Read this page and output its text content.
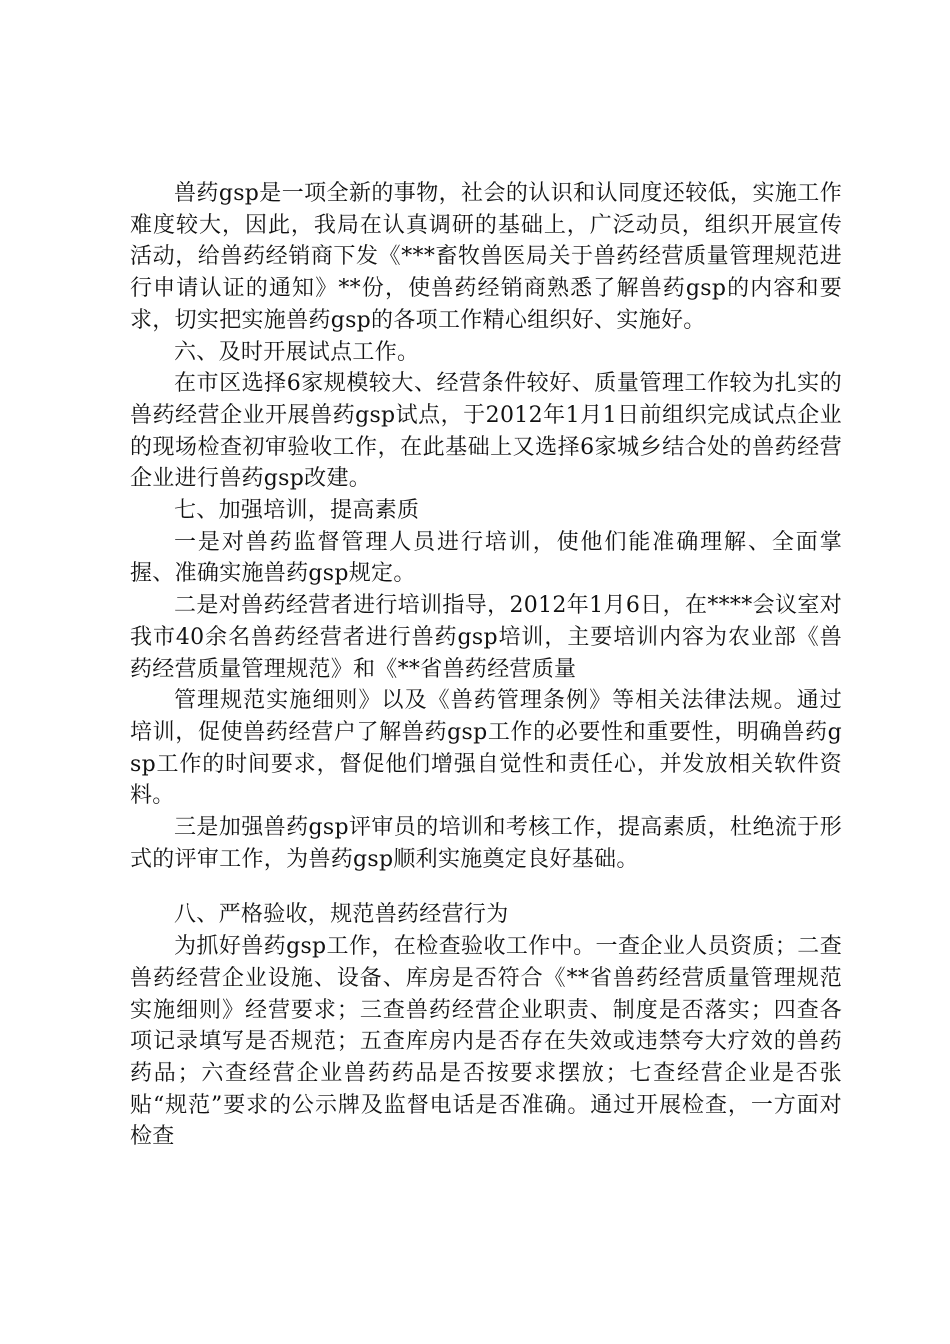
兽药gsp是一项全新的事物，社会的认识和认同度还较低，实施工作难度较大，因此，我局在认真调研的基础上，广泛动员，组织开展宣传活动，给兽药经销商下发《***畜牧兽医局关于兽药经营质量管理规范进行申请认证的通知》**份，使兽药经销商熟悉了解兽药gsp的内容和要求，切实把实施兽药gsp的各项工作精心组织好、实施好。

六、及时开展试点工作。

在市区选择6家规模较大、经营条件较好、质量管理工作较为扎实的兽药经营企业开展兽药gsp试点，于2012年1月1日前组织完成试点企业的现场检查初审验收工作，在此基础上又选择6家城乡结合处的兽药经营企业进行兽药gsp改建。

七、加强培训，提高素质

一是对兽药监督管理人员进行培训，使他们能准确理解、全面掌握、准确实施兽药gsp规定。

二是对兽药经营者进行培训指导，2012年1月6日，在****会议室对我市40余名兽药经营者进行兽药gsp培训，主要培训内容为农业部《兽药经营质量管理规范》和《**省兽药经营质量

管理规范实施细则》以及《兽药管理条例》等相关法律法规。通过培训，促使兽药经营户了解兽药gsp工作的必要性和重要性，明确兽药gsp工作的时间要求，督促他们增强自觉性和责任心，并发放相关软件资料。

三是加强兽药gsp评审员的培训和考核工作，提高素质，杜绝流于形式的评审工作，为兽药gsp顺利实施奠定良好基础。

八、严格验收，规范兽药经营行为

为抓好兽药gsp工作，在检查验收工作中。一查企业人员资质；二查兽药经营企业设施、设备、库房是否符合《**省兽药经营质量管理规范实施细则》经营要求；三查兽药经营企业职责、制度是否落实；四查各项记录填写是否规范；五查库房内是否存在失效或违禁夸大疗效的兽药药品；六查经营企业兽药药品是否按要求摆放；七查经营企业是否张贴“规范”要求的公示牌及监督电话是否准确。通过开展检查，一方面对检查
